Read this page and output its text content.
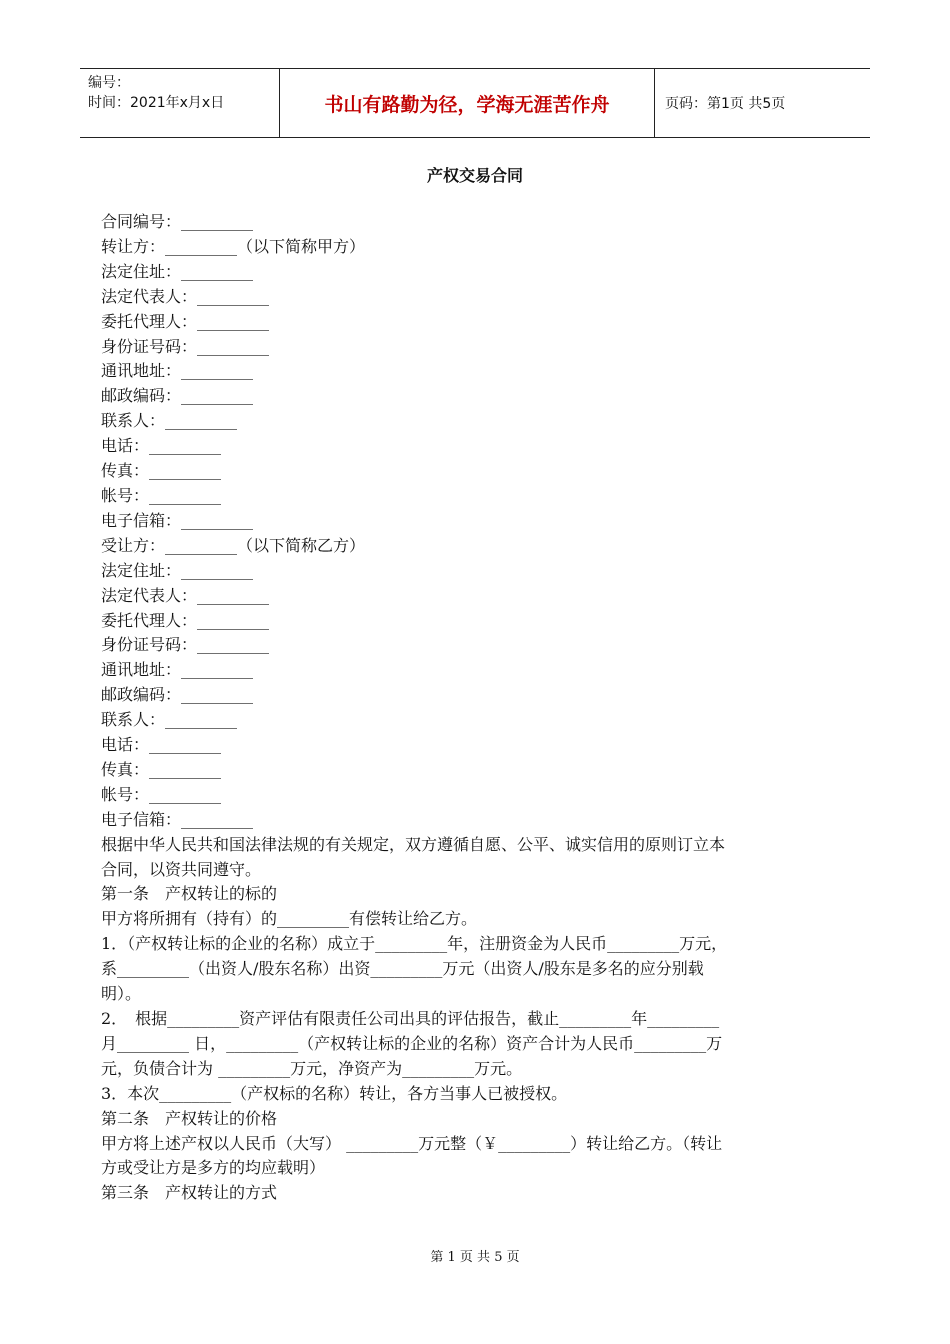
编号：
时间：2021年x月x日	书山有路勤为径，学海无涯苦作舟	页码：第1页 共5页
产权交易合同

合同编号：_________

转让方：_________（以下简称甲方）

法定住址：_________

法定代表人：_________

委托代理人：_________

身份证号码：_________

通讯地址：_________

邮政编码：_________

联系人：_________

电话：_________

传真：_________

帐号：_________

电子信箱：_________

受让方：_________（以下简称乙方）

法定住址：_________

法定代表人：_________

委托代理人：_________

身份证号码：_________

通讯地址：_________

邮政编码：_________

联系人：_________

电话：_________

传真：_________

帐号：_________

电子信箱：_________

根据中华人民共和国法律法规的有关规定，双方遵循自愿、公平、诚实信用的原则订立本

合同，以资共同遵守。

第一条　产权转让的标的

甲方将所拥有（持有）的_________有偿转让给乙方。

1．（产权转让标的企业的名称）成立于_________年，注册资金为人民币_________万元，

系_________（出资人/股东名称）出资_________万元（出资人/股东是多名的应分别载

明）。

2．　根据_________资产评估有限责任公司出具的评估报告，截止_________年_________

月_________ 日，_________（产权转让标的企业的名称）资产合计为人民币_________万

元，负债合计为 _________万元，净资产为_________万元。

3．本次_________（产权标的名称）转让，各方当事人已被授权。

第二条　产权转让的价格

甲方将上述产权以人民币（大写） _________万元整（￥_________）转让给乙方。（转让

方或受让方是多方的均应载明）

第三条　产权转让的方式

第 1 页 共 5 页
